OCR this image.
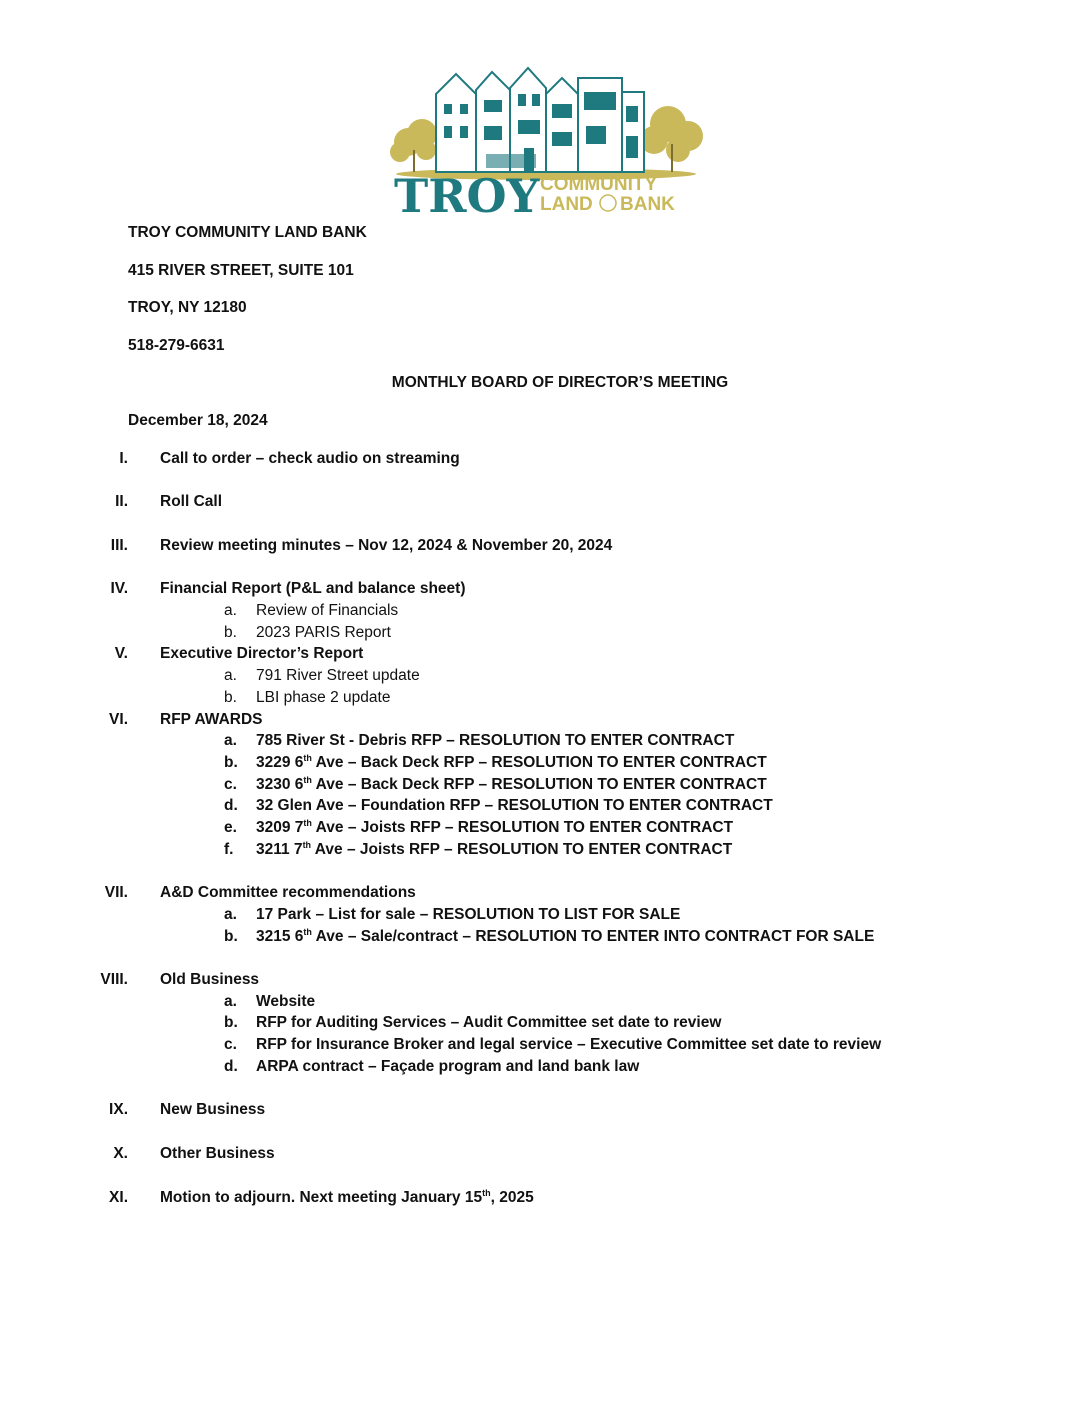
TROY COMMUNITY
LAND BANK
TROY COMMUNITY LAND BANK
415 RIVER STREET, SUITE 101
TROY, NY 12180
518-279-6631
MONTHLY BOARD OF DIRECTOR’S MEETING
December 18, 2024
I. Call to order – check audio on streaming
II. Roll Call
III. Review meeting minutes – Nov 12, 2024 & November 20, 2024
IV. Financial Report (P&L and balance sheet)
a. Review of Financials
b. 2023 PARIS Report
V. Executive Director’s Report
a. 791 River Street update
b. LBI phase 2 update
VI. RFP AWARDS
a. 785 River St - Debris RFP – RESOLUTION TO ENTER CONTRACT
b. 3229 6th Ave – Back Deck RFP – RESOLUTION TO ENTER CONTRACT
c. 3230 6th Ave – Back Deck RFP – RESOLUTION TO ENTER CONTRACT
d. 32 Glen Ave – Foundation RFP – RESOLUTION TO ENTER CONTRACT
e. 3209 7th Ave – Joists RFP – RESOLUTION TO ENTER CONTRACT
f. 3211 7th Ave – Joists RFP – RESOLUTION TO ENTER CONTRACT
VII. A&D Committee recommendations
a. 17 Park – List for sale – RESOLUTION TO LIST FOR SALE
b. 3215 6th Ave – Sale/contract – RESOLUTION TO ENTER INTO CONTRACT FOR SALE
VIII. Old Business
a. Website
b. RFP for Auditing Services – Audit Committee set date to review
c. RFP for Insurance Broker and legal service – Executive Committee set date to review
d. ARPA contract – Façade program and land bank law
IX. New Business
X. Other Business
XI. Motion to adjourn. Next meeting January 15th, 2025
